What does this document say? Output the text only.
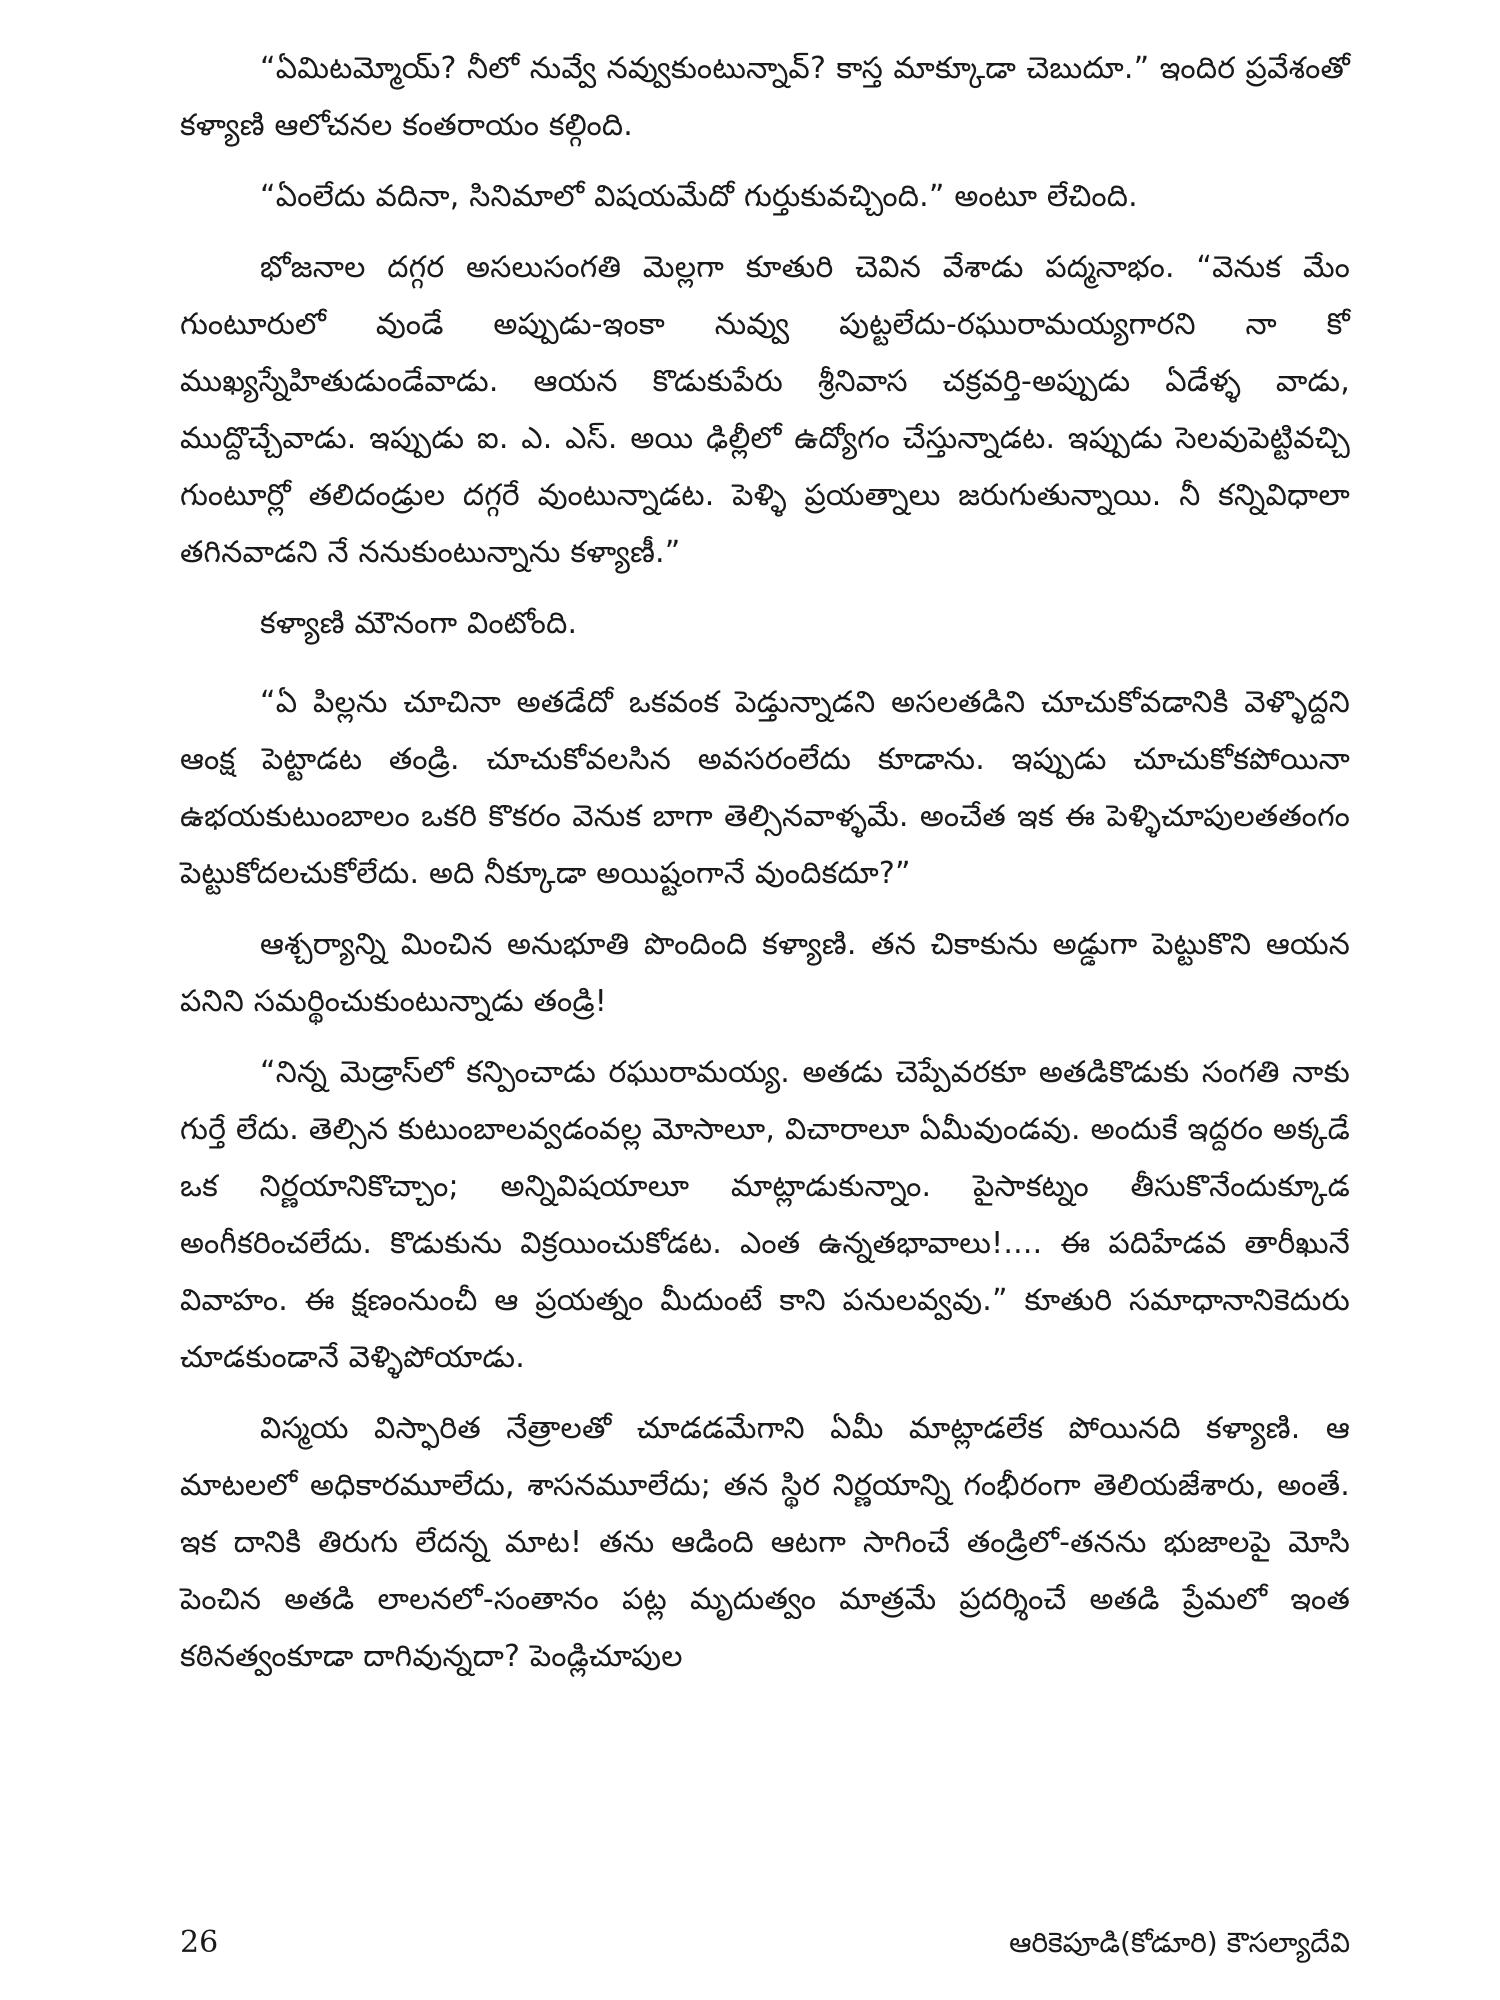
“ఏమిటమ్మోయ్? నీలో నువ్వే నవ్వుకుంటున్నావ్? కాస్త మాక్కూడా చెబుదూ.” ఇందిర ప్రవేశంతో కళ్యాణి ఆలోచనల కంతరాయం కల్గింది.

“ఏంలేదు వదినా, సినిమాలో విషయమేదో గుర్తుకువచ్చింది.” అంటూ లేచింది.

భోజనాల దగ్గర అసలుసంగతి మెల్లగా కూతురి చెవిన వేశాడు పద్మనాభం. “వెనుక మేం గుంటూరులో వుండే అప్పుడు-ఇంకా నువ్వు పుట్టలేదు-రఘురామయ్యగారని నా కో ముఖ్యస్నేహితుడుండేవాడు. ఆయన కొడుకుపేరు శ్రీనివాస చక్రవర్తి-అప్పుడు ఏడేళ్ళ వాడు, ముద్దొచ్చేవాడు. ఇప్పుడు ఐ. ఎ. ఎస్. అయి ఢిల్లీలో ఉద్యోగం చేస్తున్నాడట. ఇప్పుడు సెలవుపెట్టివచ్చి గుంటూర్లో తలిదండ్రుల దగ్గరే వుంటున్నాడట. పెళ్ళి ప్రయత్నాలు జరుగుతున్నాయి. నీ కన్నివిధాలా తగినవాడని నే ననుకుంటున్నాను కళ్యాణీ.”

కళ్యాణి మౌనంగా వింటోంది.

“ఏ పిల్లను చూచినా అతడేదో ఒకవంక పెడ్తున్నాడని అసలతడిని చూచుకోవడానికి వెళ్ళొద్దని ఆంక్ష పెట్టాడట తండ్రి. చూచుకోవలసిన అవసరంలేదు కూడాను. ఇప్పుడు చూచుకోకపోయినా ఉభయకుటుంబాలం ఒకరి కొకరం వెనుక బాగా తెల్సినవాళ్ళమే. అంచేత ఇక ఈ పెళ్ళిచూపులతతంగం పెట్టుకోదలచుకోలేదు. అది నీక్కూడా అయిష్టంగానే వుందికదూ?”

ఆశ్చర్యాన్ని మించిన అనుభూతి పొందింది కళ్యాణి. తన చికాకును అడ్డుగా పెట్టుకొని ఆయన పనిని సమర్థించుకుంటున్నాడు తండ్రి!

“నిన్న మెడ్రాస్‌లో కన్పించాడు రఘురామయ్య. అతడు చెప్పేవరకూ అతడికొడుకు సంగతి నాకు గుర్తే లేదు. తెల్సిన కుటుంబాలవ్వడంవల్ల మోసాలూ, విచారాలూ ఏమీవుండవు. అందుకే ఇద్దరం అక్కడే ఒక నిర్ణయానికొచ్చాం; అన్నివిషయాలూ మాట్లాడుకున్నాం. పైసాకట్నం తీసుకొనేందుక్కూడ అంగీకరించలేదు. కొడుకును విక్రయించుకోడట. ఎంత ఉన్నతభావాలు!.... ఈ పదిహేడవ తారీఖునే వివాహం. ఈ క్షణంనుంచీ ఆ ప్రయత్నం మీదుంటే కాని పనులవ్వవు.” కూతురి సమాధానానికెదురు చూడకుండానే వెళ్ళిపోయాడు.

విస్మయ విస్ఫారిత నేత్రాలతో చూడడమేగాని ఏమీ మాట్లాడలేక పోయినది కళ్యాణి. ఆ మాటలలో అధికారమూలేదు, శాసనమూలేదు; తన స్థిర నిర్ణయాన్ని గంభీరంగా తెలియజేశారు, అంతే. ఇక దానికి తిరుగు లేదన్న మాట! తను ఆడింది ఆటగా సాగించే తండ్రిలో-తనను భుజాలపై మోసి పెంచిన అతడి లాలనలో-సంతానం పట్ల మృదుత్వం మాత్రమే ప్రదర్శించే అతడి ప్రేమలో ఇంత కఠినత్వంకూడా దాగివున్నదా? పెండ్లిచూపుల

26	ఆరికెపూడి(కోడూరి) కౌసల్యాదేవి
